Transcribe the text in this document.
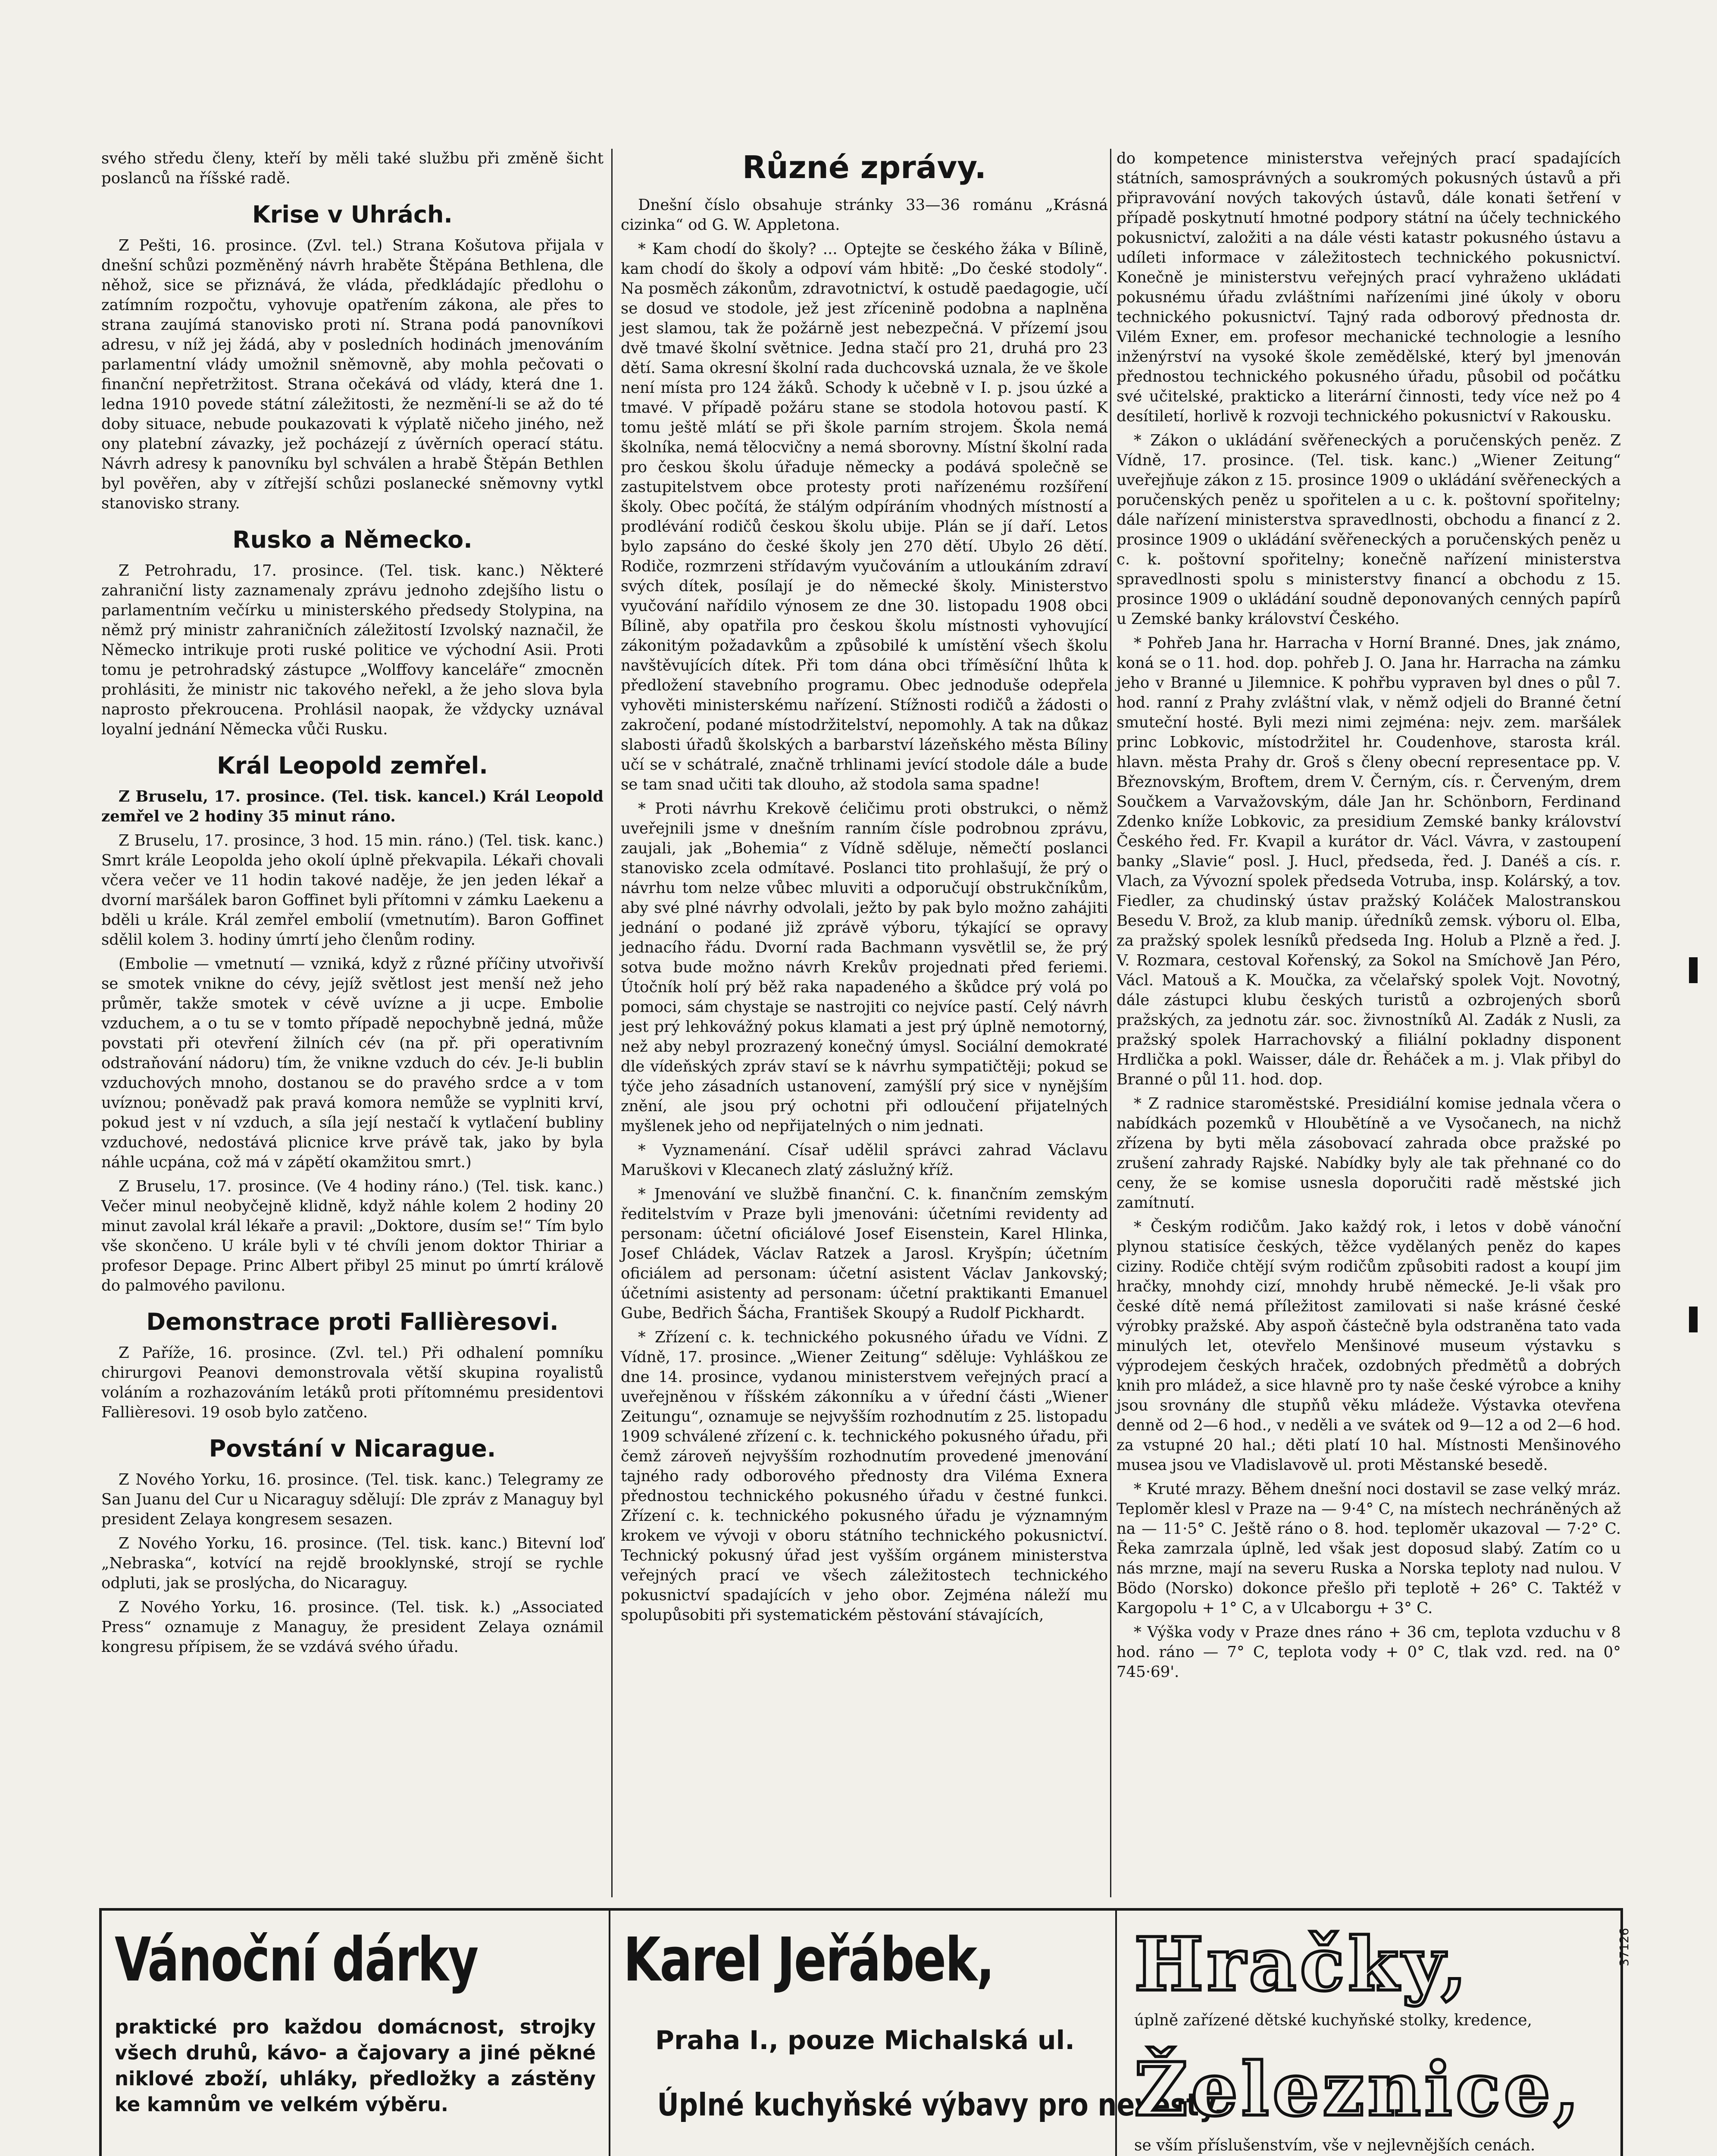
svého středu členy, kteří by měli také službu při změně šicht poslanců na říšské radě.

Krise v Uhrách.

Z Pešti, 16. prosince. (Zvl. tel.) Strana Košutova přijala v dnešní schůzi pozměněný návrh hraběte Štěpána Bethlena, dle něhož, sice se přiznává, že vláda, předkládajíc předlohu o zatímním rozpočtu, vyhovuje opatřením zákona, ale přes to strana zaujímá stanovisko proti ní. Strana podá panovníkovi adresu, v níž jej žádá, aby v posledních hodinách jmenováním parlamentní vlády umožnil sněmovně, aby mohla pečovati o finanční nepřetržitost. Strana očekává od vlády, která dne 1. ledna 1910 povede státní záležitosti, že nezmění-li se až do té doby situace, nebude poukazovati k výplatě ničeho jiného, než ony platební závazky, jež pocházejí z úvěrních operací státu. Návrh adresy k panovníku byl schválen a hrabě Štěpán Bethlen byl pověřen, aby v zítřejší schůzi poslanecké sněmovny vytkl stanovisko strany.

Rusko a Německo.

Z Petrohradu, 17. prosince. (Tel. tisk. kanc.) Některé zahraniční listy zaznamenaly zprávu jednoho zdejšího listu o parlamentním večírku u ministerského předsedy Stolypina, na němž prý ministr zahraničních záležitostí Izvolský naznačil, že Německo intrikuje proti ruské politice ve východní Asii. Proti tomu je petrohradský zástupce „Wolffovy kanceláře“ zmocněn prohlásiti, že ministr nic takového neřekl, a že jeho slova byla naprosto překroucena. Prohlásil naopak, že vždycky uznával loyalní jednání Německa vůči Rusku.

Král Leopold zemřel.

Z Bruselu, 17. prosince. (Tel. tisk. kancel.) Král Leopold zemřel ve 2 hodiny 35 minut ráno.

Z Bruselu, 17. prosince, 3 hod. 15 min. ráno.) (Tel. tisk. kanc.) Smrt krále Leopolda jeho okolí úplně překvapila. Lékaři chovali včera večer ve 11 hodin takové naděje, že jen jeden lékař a dvorní maršálek baron Goffinet byli přítomni v zámku Laekenu a bděli u krále. Král zemřel embolií (vmetnutím). Baron Goffinet sdělil kolem 3. hodiny úmrtí jeho členům rodiny.

(Embolie — vmetnutí — vzniká, když z různé příčiny utvořivší se smotek vnikne do cévy, jejíž světlost jest menší než jeho průměr, takže smotek v cévě uvízne a ji ucpe. Embolie vzduchem, a o tu se v tomto případě nepochybně jedná, může povstati při otevření žilních cév (na př. při operativním odstraňování nádoru) tím, že vnikne vzduch do cév. Je-li bublin vzduchových mnoho, dostanou se do pravého srdce a v tom uvíznou; poněvadž pak pravá komora nemůže se vyplniti krví, pokud jest v ní vzduch, a síla její nestačí k vytlačení bubliny vzduchové, nedostává plicnice krve právě tak, jako by byla náhle ucpána, což má v zápětí okamžitou smrt.)

Z Bruselu, 17. prosince. (Ve 4 hodiny ráno.) (Tel. tisk. kanc.) Večer minul neobyčejně klidně, když náhle kolem 2 hodiny 20 minut zavolal král lékaře a pravil: „Doktore, dusím se!“ Tím bylo vše skončeno. U krále byli v té chvíli jenom doktor Thiriar a profesor Depage. Princ Albert přibyl 25 minut po úmrtí králově do palmového pavilonu.

Demonstrace proti Fallièresovi.

Z Paříže, 16. prosince. (Zvl. tel.) Při odhalení pomníku chirurgovi Peanovi demonstrovala větší skupina royalistů voláním a rozhazováním letáků proti přítomnému presidentovi Fallièresovi. 19 osob bylo zatčeno.

Povstání v Nicarague.

Z Nového Yorku, 16. prosince. (Tel. tisk. kanc.) Telegramy ze San Juanu del Cur u Nicaraguy sdělují: Dle zpráv z Managuy byl president Zelaya kongresem sesazen.

Z Nového Yorku, 16. prosince. (Tel. tisk. kanc.) Bitevní loď „Nebraska“, kotvící na rejdě brooklynské, strojí se rychle odpluti, jak se proslýcha, do Nicaraguy.

Z Nového Yorku, 16. prosince. (Tel. tisk. k.) „Associated Press“ oznamuje z Managuy, že president Zelaya oznámil kongresu přípisem, že se vzdává svého úřadu.

Různé zprávy.

Dnešní číslo obsahuje stránky 33—36 románu „Krásná cizinka“ od G. W. Appletona.

* Kam chodí do školy? ... Optejte se českého žáka v Bílině, kam chodí do školy a odpoví vám hbitě: „Do české stodoly“. Na posměch zákonům, zdravotnictví, k ostudě paedagogie, učí se dosud ve stodole, jež jest zřícenině podobna a naplněna jest slamou, tak že požárně jest nebezpečná. V přízemí jsou dvě tmavé školní světnice. Jedna stačí pro 21, druhá pro 23 dětí. Sama okresní školní rada duchcovská uznala, že ve škole není místa pro 124 žáků. Schody k učebně v I. p. jsou úzké a tmavé. V případě požáru stane se stodola hotovou pastí. K tomu ještě mlátí se při škole parním strojem. Škola nemá školníka, nemá tělocvičny a nemá sborovny. Místní školní rada pro českou školu úřaduje německy a podává společně se zastupitelstvem obce protesty proti nařízenému rozšíření školy. Obec počítá, že stálým odpíráním vhodných místností a prodlévání rodičů českou školu ubije. Plán se jí daří. Letos bylo zapsáno do české školy jen 270 dětí. Ubylo 26 dětí. Rodiče, rozmrzeni střídavým vyučováním a utloukáním zdraví svých dítek, posílají je do německé školy. Ministerstvo vyučování nařídilo výnosem ze dne 30. listopadu 1908 obci Bílině, aby opatřila pro českou školu místnosti vyhovující zákonitým požadavkům a způsobilé k umístění všech školu navštěvujících dítek. Při tom dána obci tříměsíční lhůta k předložení stavebního programu. Obec jednoduše odepřela vyhověti ministerskému nařízení. Stížnosti rodičů a žádosti o zakročení, podané místodržitelství, nepomohly. A tak na důkaz slabosti úřadů školských a barbarství lázeňského města Bíliny učí se v schátralé, značně trhlinami jevící stodole dále a bude se tam snad učiti tak dlouho, až stodola sama spadne!

* Proti návrhu Krekově ćeličimu proti obstrukci, o němž uveřejnili jsme v dnešním ranním čísle podrobnou zprávu, zaujali, jak „Bohemia“ z Vídně sděluje, němečtí poslanci stanovisko zcela odmítavé. Poslanci tito prohlašují, že prý o návrhu tom nelze vůbec mluviti a odporučují obstrukčníkům, aby své plné návrhy odvolali, ježto by pak bylo možno zahájiti jednání o podané již zprávě výboru, týkající se opravy jednacího řádu. Dvorní rada Bachmann vysvětlil se, že prý sotva bude možno návrh Krekův projednati před feriemi. Útočník holí prý běž raka napadeného a škůdce prý volá po pomoci, sám chystaje se nastrojiti co nejvíce pastí. Celý návrh jest prý lehkovážný pokus klamati a jest prý úplně nemotorný, než aby nebyl prozrazený konečný úmysl. Sociální demokraté dle vídeňských zpráv staví se k návrhu sympatičtěji; pokud se týče jeho zásadních ustanovení, zamýšlí prý sice v nynějším znění, ale jsou prý ochotni při odloučení přijatelných myšlenek jeho od nepřijatelných o nim jednati.

* Vyznamenání. Císař udělil správci zahrad Václavu Maruškovi v Klecanech zlatý záslužný kříž.

* Jmenování ve službě finanční. C. k. finančním zemským ředitelstvím v Praze byli jmenováni: účetními revidenty ad personam: účetní oficiálové Josef Eisenstein, Karel Hlinka, Josef Chládek, Václav Ratzek a Jarosl. Kryšpín; účetním oficiálem ad personam: účetní asistent Václav Jankovský; účetními asistenty ad personam: účetní praktikanti Emanuel Gube, Bedřich Šácha, František Skoupý a Rudolf Pickhardt.

* Zřízení c. k. technického pokusného úřadu ve Vídni. Z Vídně, 17. prosince. „Wiener Zeitung“ sděluje: Vyhláškou ze dne 14. prosince, vydanou ministerstvem veřejných prací a uveřejněnou v říšském zákonníku a v úřední části „Wiener Zeitungu“, oznamuje se nejvyšším rozhodnutím z 25. listopadu 1909 schválené zřízení c. k. technického pokusného úřadu, při čemž zároveň nejvyšším rozhodnutím provedené jmenování tajného rady odborového přednosty dra Viléma Exnera přednostou technického pokusného úřadu v čestné funkci. Zřízení c. k. technického pokusného úřadu je významným krokem ve vývoji v oboru státního technického pokusnictví. Technický pokusný úřad jest vyšším orgánem ministerstva veřejných prací ve všech záležitostech technického pokusnictví spadajících v jeho obor. Zejména náleží mu spolupůsobiti při systematickém pěstování stávajících,

do kompetence ministerstva veřejných prací spadajících státních, samosprávných a soukromých pokusných ústavů a při připravování nových takových ústavů, dále konati šetření v případě poskytnutí hmotné podpory státní na účely technického pokusnictví, založiti a na dále vésti katastr pokusného ústavu a udíleti informace v záležitostech technického pokusnictví. Konečně je ministerstvu veřejných prací vyhraženo ukládati pokusnému úřadu zvláštními nařízeními jiné úkoly v oboru technického pokusnictví. Tajný rada odborový přednosta dr. Vilém Exner, em. profesor mechanické technologie a lesního inženýrství na vysoké škole zemědělské, který byl jmenován přednostou technického pokusného úřadu, působil od počátku své učitelské, prakticko a literární činnosti, tedy více než po 4 desítiletí, horlivě k rozvoji technického pokusnictví v Rakousku.

* Zákon o ukládání svěřeneckých a poručenských peněz. Z Vídně, 17. prosince. (Tel. tisk. kanc.) „Wiener Zeitung“ uveřejňuje zákon z 15. prosince 1909 o ukládání svěřeneckých a poručenských peněz u spořitelen a u c. k. poštovní spořitelny; dále nařízení ministerstva spravedlnosti, obchodu a financí z 2. prosince 1909 o ukládání svěřeneckých a poručenských peněz u c. k. poštovní spořitelny; konečně nařízení ministerstva spravedlnosti spolu s ministerstvy financí a obchodu z 15. prosince 1909 o ukládání soudně deponovaných cenných papírů u Zemské banky království Českého.

* Pohřeb Jana hr. Harracha v Horní Branné. Dnes, jak známo, koná se o 11. hod. dop. pohřeb J. O. Jana hr. Harracha na zámku jeho v Branné u Jilemnice. K pohřbu vypraven byl dnes o půl 7. hod. ranní z Prahy zvláštní vlak, v němž odjeli do Branné četní smuteční hosté. Byli mezi nimi zejména: nejv. zem. maršálek princ Lobkovic, místodržitel hr. Coudenhove, starosta král. hlavn. města Prahy dr. Groš s členy obecní representace pp. V. Březnovským, Broftem, drem V. Černým, cís. r. Červeným, drem Součkem a Varvažovským, dále Jan hr. Schönborn, Ferdinand Zdenko kníže Lobkovic, za presidium Zemské banky království Českého řed. Fr. Kvapil a kurátor dr. Václ. Vávra, v zastoupení banky „Slavie“ posl. J. Hucl, předseda, řed. J. Danéš a cís. r. Vlach, za Vývozní spolek předseda Votruba, insp. Kolárský, a tov. Fiedler, za chudinský ústav pražský Koláček Malostranskou Besedu V. Brož, za klub manip. úředníků zemsk. výboru ol. Elba, za pražský spolek lesníků předseda Ing. Holub a Plzně a řed. J. V. Rozmara, cestoval Kořenský, za Sokol na Smíchově Jan Péro, Václ. Matouš a K. Moučka, za včelařský spolek Vojt. Novotný, dále zástupci klubu českých turistů a ozbrojených sborů pražských, za jednotu zár. soc. živnostníků Al. Zadák z Nusli, za pražský spolek Harrachovský a filiální pokladny disponent Hrdlička a pokl. Waisser, dále dr. Řeháček a m. j. Vlak přibyl do Branné o půl 11. hod. dop.

* Z radnice staroměstské. Presidiální komise jednala včera o nabídkách pozemků v Hloubětíně a ve Vysočanech, na nichž zřízena by byti měla zásobovací zahrada obce pražské po zrušení zahrady Rajské. Nabídky byly ale tak přehnané co do ceny, že se komise usnesla doporučiti radě městské jich zamítnutí.

* Českým rodičům. Jako každý rok, i letos v době vánoční plynou statisíce českých, těžce vydělaných peněz do kapes ciziny. Rodiče chtějí svým rodičům způsobiti radost a koupí jim hračky, mnohdy cizí, mnohdy hrubě německé. Je-li však pro české dítě nemá příležitost zamilovati si naše krásné české výrobky pražské. Aby aspoň částečně byla odstraněna tato vada minulých let, otevřelo Menšinové museum výstavku s výprodejem českých hraček, ozdobných předmětů a dobrých knih pro mládež, a sice hlavně pro ty naše české výrobce a knihy jsou srovnány dle stupňů věku mládeže. Výstavka otevřena denně od 2—6 hod., v neděli a ve svátek od 9—12 a od 2—6 hod. za vstupné 20 hal.; děti platí 10 hal. Místnosti Menšinového musea jsou ve Vladislavově ul. proti Městanské besedě.

* Kruté mrazy. Během dnešní noci dostavil se zase velký mráz. Teploměr klesl v Praze na — 9·4° C, na místech nechráněných až na — 11·5° C. Ještě ráno o 8. hod. teploměr ukazoval — 7·2° C. Řeka zamrzala úplně, led však jest doposud slabý. Zatím co u nás mrzne, mají na severu Ruska a Norska teploty nad nulou. V Bödo (Norsko) dokonce přešlo při teplotě + 26° C. Taktéž v Kargopolu + 1° C, a v Ulcaborgu + 3° C.

* Výška vody v Praze dnes ráno + 36 cm, teplota vzduchu v 8 hod. ráno — 7° C, teplota vody + 0° C, tlak vzd. red. na 0° 745·69'.

Vánoční dárky
praktické pro každou domácnost, strojky všech druhů, kávo- a čajovary a jiné pěkné niklové zboží, uhláky, předložky a zástěny ke kamnům ve velkém výběru.
Karel Jeřábek,
Praha I., pouze Michalská ul.
Úplné kuchyňské výbavy pro nevěsty.
Hračky,
úplně zařízené dětské kuchyňské stolky, kredence,
Železnice,
se vším příslušenstvím, vše v nejlevnějších cenách.
37126
